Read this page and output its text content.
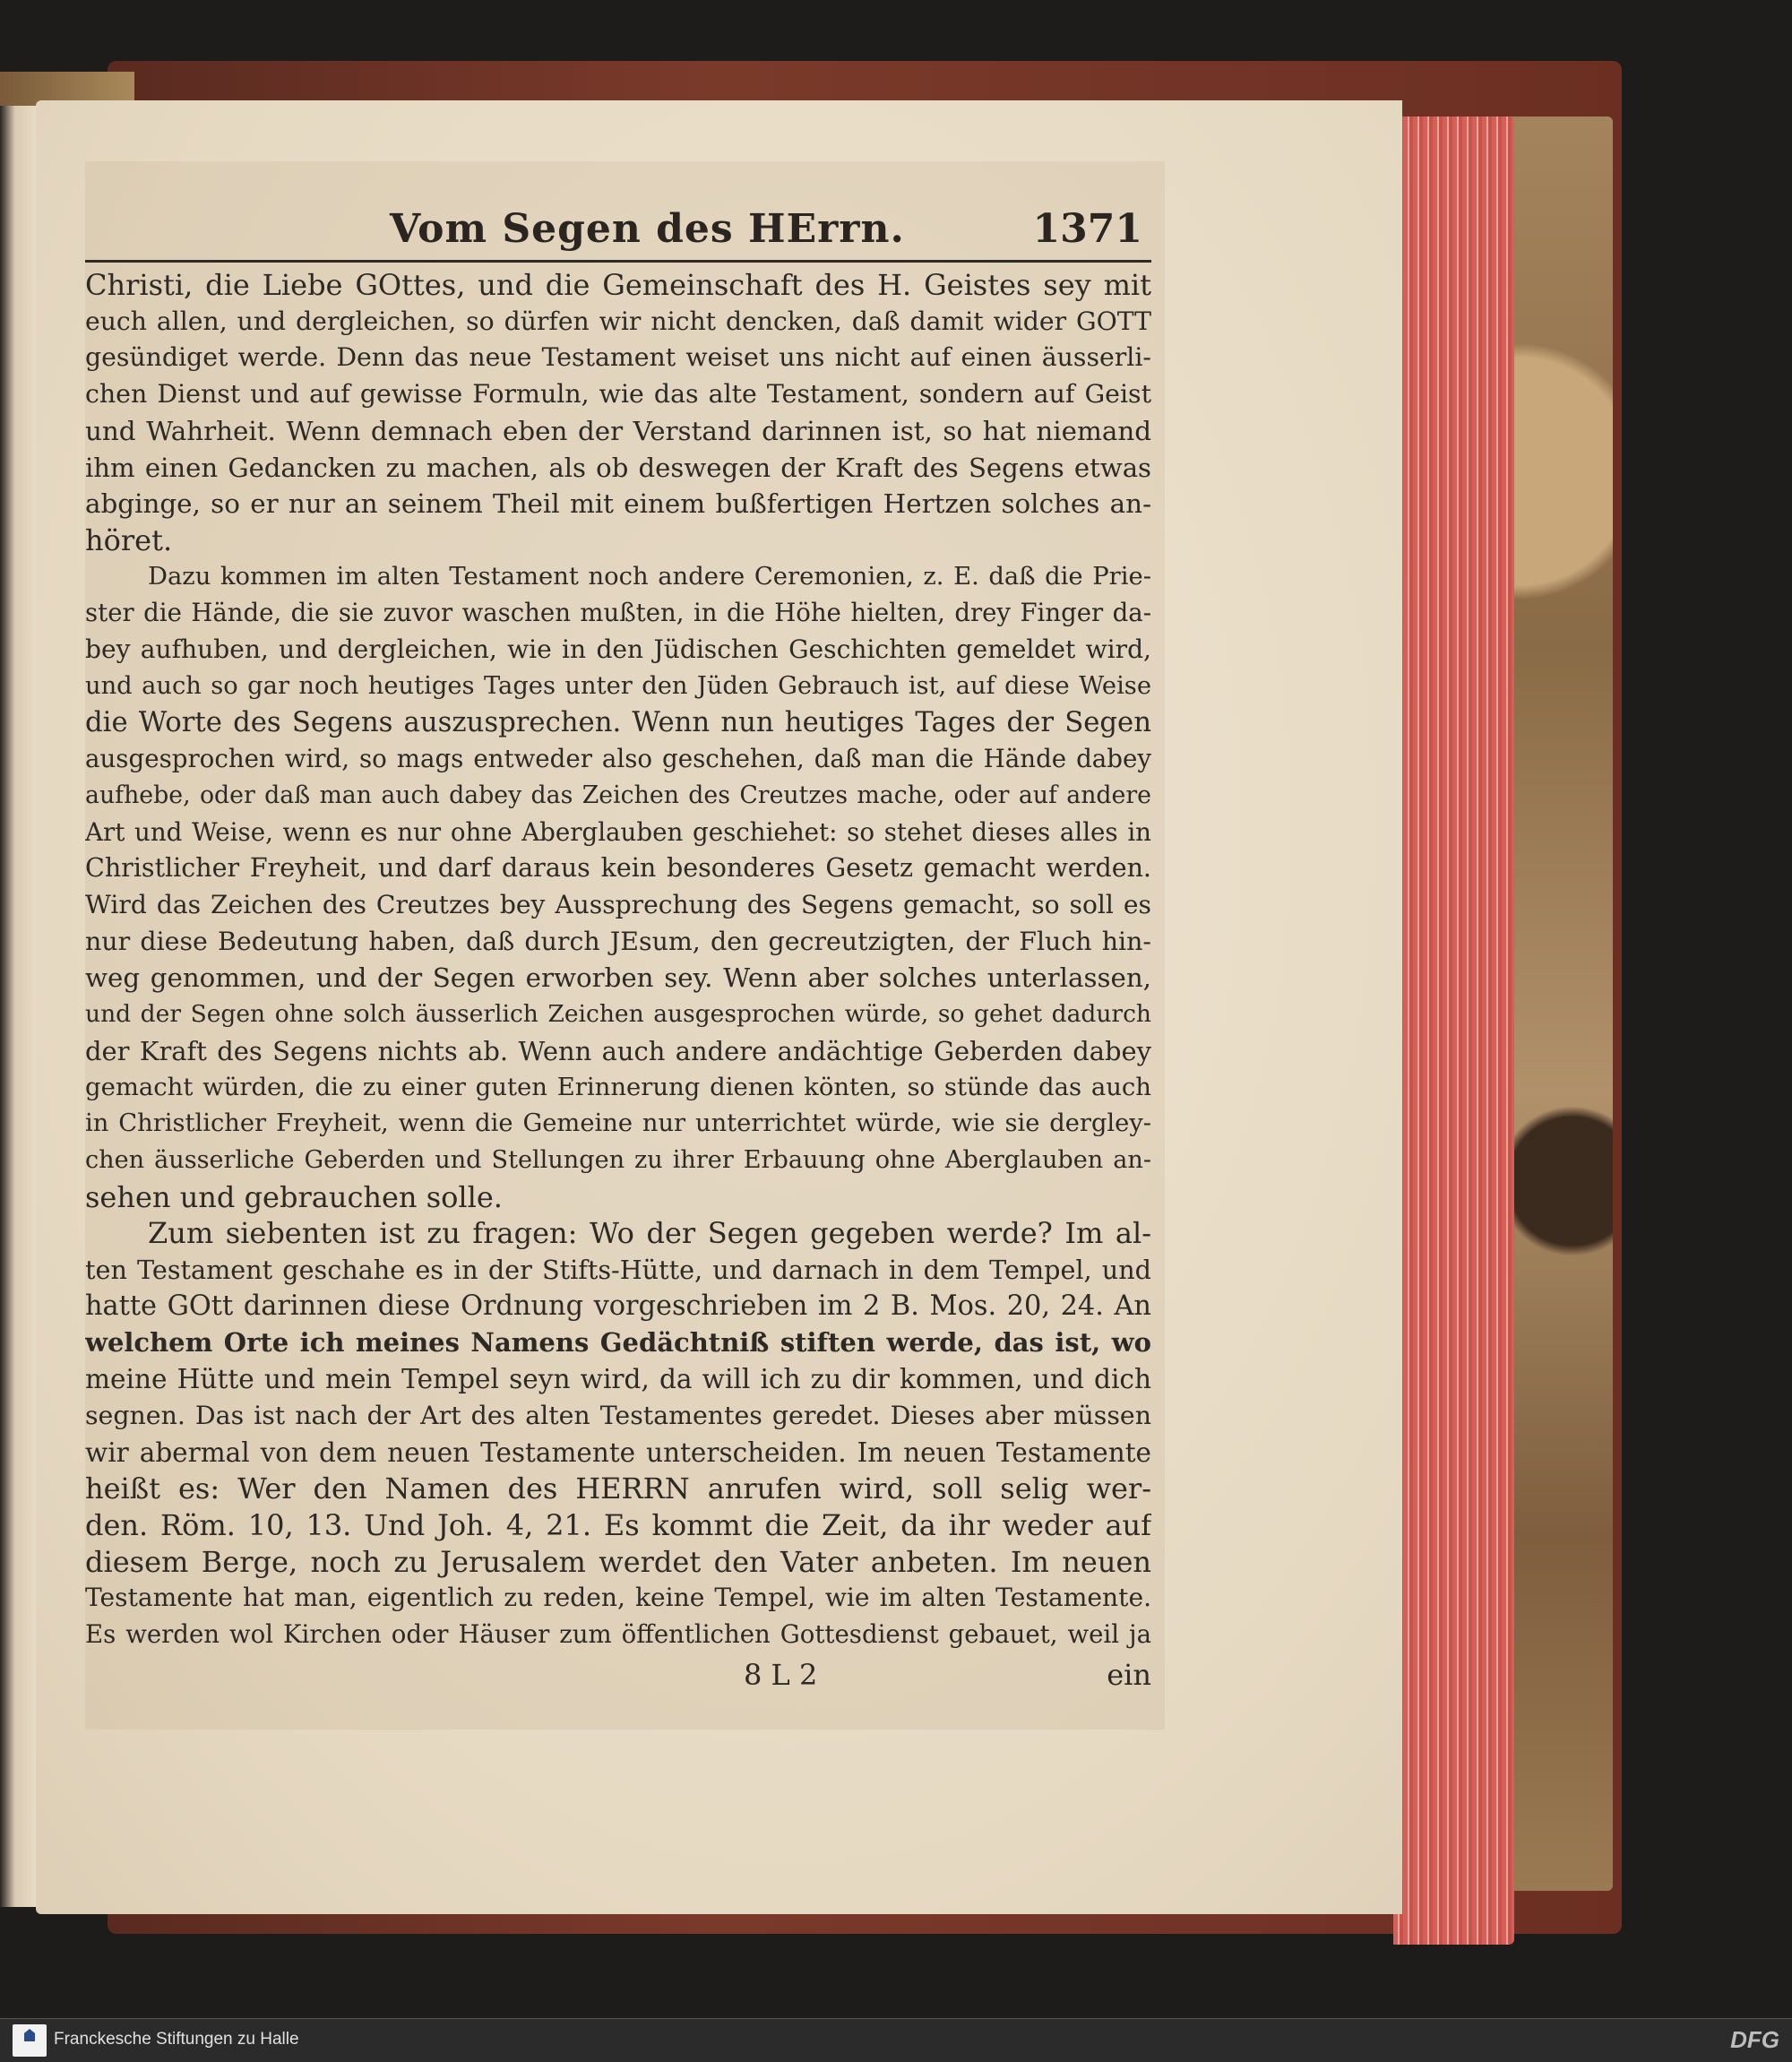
Vom Segen des HErrn.	1371
Christi, die Liebe GOttes, und die Gemeinschaft des H. Geistes sey mit
euch allen, und dergleichen, so dürfen wir nicht dencken, daß damit wider GOTT
gesündiget werde. Denn das neue Testament weiset uns nicht auf einen äusserli-
chen Dienst und auf gewisse Formuln, wie das alte Testament, sondern auf Geist
und Wahrheit. Wenn demnach eben der Verstand darinnen ist, so hat niemand
ihm einen Gedancken zu machen, als ob deswegen der Kraft des Segens etwas
abginge, so er nur an seinem Theil mit einem bußfertigen Hertzen solches an-
höret.
Dazu kommen im alten Testament noch andere Ceremonien, z. E. daß die Prie-
ster die Hände, die sie zuvor waschen mußten, in die Höhe hielten, drey Finger da-
bey aufhuben, und dergleichen, wie in den Jüdischen Geschichten gemeldet wird,
und auch so gar noch heutiges Tages unter den Jüden Gebrauch ist, auf diese Weise
die Worte des Segens auszusprechen. Wenn nun heutiges Tages der Segen
ausgesprochen wird, so mags entweder also geschehen, daß man die Hände dabey
aufhebe, oder daß man auch dabey das Zeichen des Creutzes mache, oder auf andere
Art und Weise, wenn es nur ohne Aberglauben geschiehet: so stehet dieses alles in
Christlicher Freyheit, und darf daraus kein besonderes Gesetz gemacht werden.
Wird das Zeichen des Creutzes bey Aussprechung des Segens gemacht, so soll es
nur diese Bedeutung haben, daß durch JEsum, den gecreutzigten, der Fluch hin-
weg genommen, und der Segen erworben sey. Wenn aber solches unterlassen,
und der Segen ohne solch äusserlich Zeichen ausgesprochen würde, so gehet dadurch
der Kraft des Segens nichts ab. Wenn auch andere andächtige Geberden dabey
gemacht würden, die zu einer guten Erinnerung dienen könten, so stünde das auch
in Christlicher Freyheit, wenn die Gemeine nur unterrichtet würde, wie sie dergley-
chen äusserliche Geberden und Stellungen zu ihrer Erbauung ohne Aberglauben an-
sehen und gebrauchen solle.
Zum siebenten ist zu fragen: Wo der Segen gegeben werde? Im al-
ten Testament geschahe es in der Stifts-Hütte, und darnach in dem Tempel, und
hatte GOtt darinnen diese Ordnung vorgeschrieben im 2 B. Mos. 20, 24. An
welchem Orte ich meines Namens Gedächtniß stiften werde, das ist, wo
meine Hütte und mein Tempel seyn wird, da will ich zu dir kommen, und dich
segnen. Das ist nach der Art des alten Testamentes geredet. Dieses aber müssen
wir abermal von dem neuen Testamente unterscheiden. Im neuen Testamente
heißt es: Wer den Namen des HERRN anrufen wird, soll selig wer-
den. Röm. 10, 13. Und Joh. 4, 21. Es kommt die Zeit, da ihr weder auf
diesem Berge, noch zu Jerusalem werdet den Vater anbeten. Im neuen
Testamente hat man, eigentlich zu reden, keine Tempel, wie im alten Testamente.
Es werden wol Kirchen oder Häuser zum öffentlichen Gottesdienst gebauet, weil ja
8 L 2	ein
Franckesche Stiftungen zu Halle	DFG
